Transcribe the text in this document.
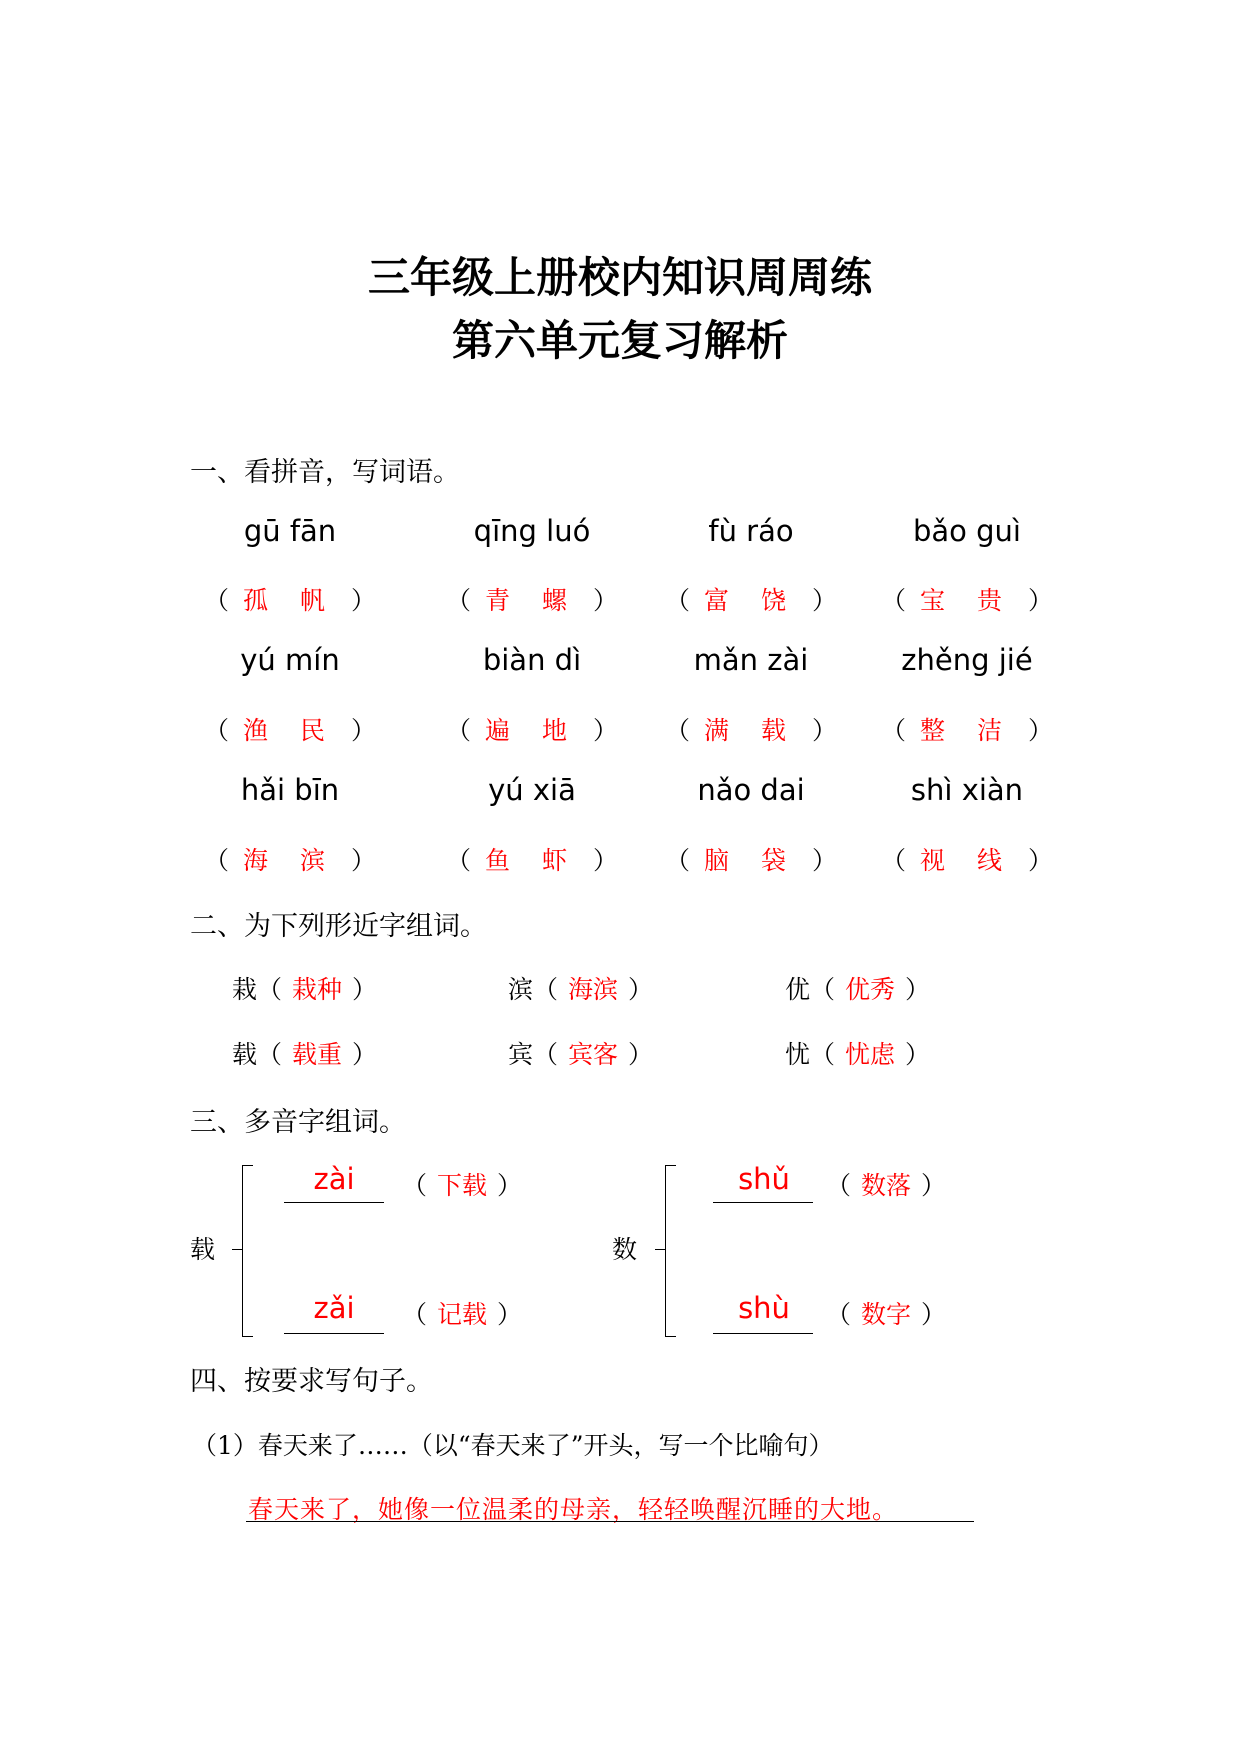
三年级上册校内知识周周练
第六单元复习解析
一、看拼音，写词语。
gū fān
（ 孤 帆 ）
qīng luó
（ 青 螺 ）
fù ráo
（ 富 饶 ）
bǎo guì
（ 宝 贵 ）
yú mín
（ 渔 民 ）
biàn dì
（ 遍 地 ）
mǎn zài
（ 满 载 ）
zhěng jié
（ 整 洁 ）
hǎi bīn
（ 海 滨 ）
yú xiā
（ 鱼 虾 ）
nǎo dai
（ 脑 袋 ）
shì xiàn
（ 视 线 ）
二、为下列形近字组词。
栽（ 栽种 ）	滨（ 海滨 ）	优（ 优秀 ）
载（ 载重 ）	宾（ 宾客 ）	忧（ 忧虑 ）
三、多音字组词。
载
zài （ 下载 ）
zǎi （ 记载 ）
数
shǔ （ 数落 ）
shù （ 数字 ）
四、按要求写句子。
（1）春天来了……（以“春天来了”开头，写一个比喻句）
春天来了，她像一位温柔的母亲，轻轻唤醒沉睡的大地。
